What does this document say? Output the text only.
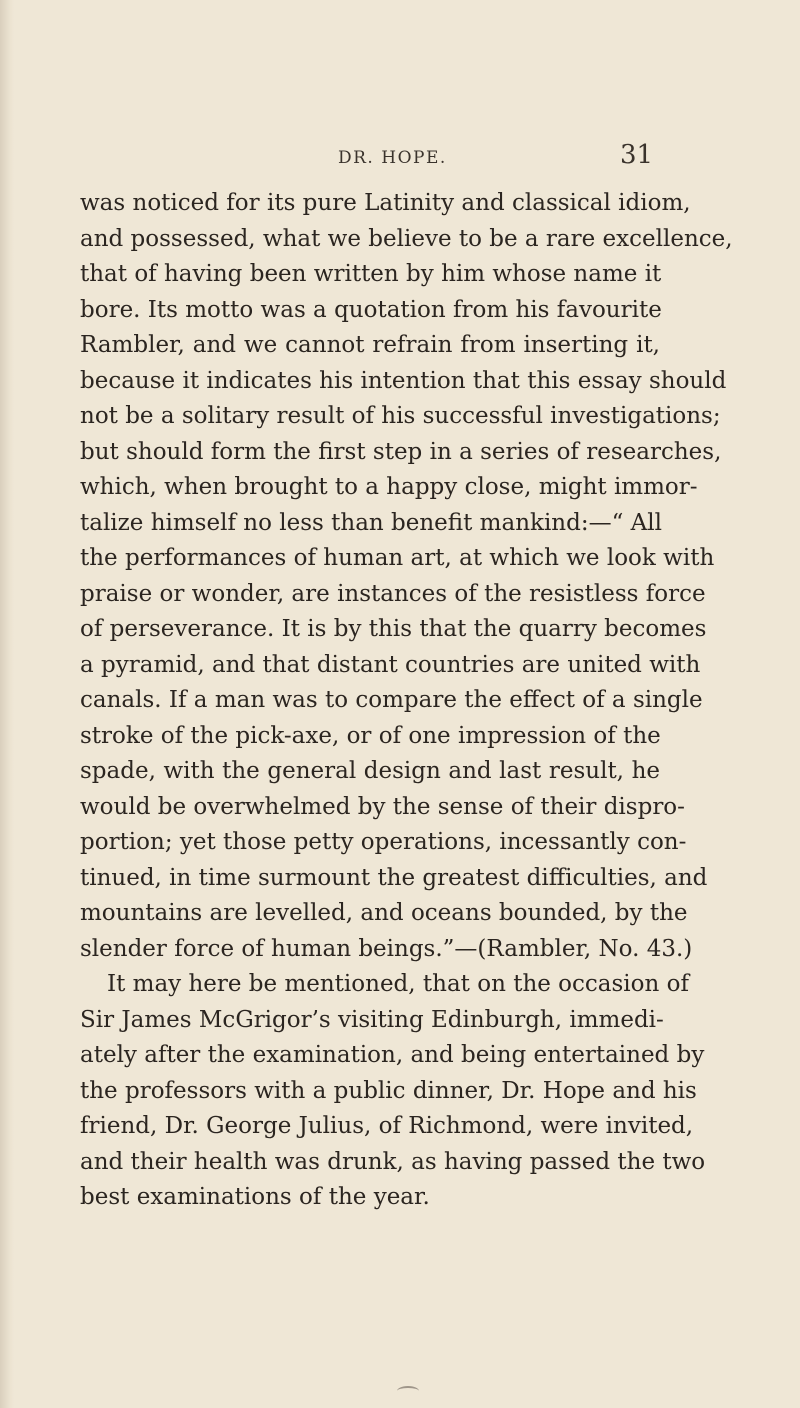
DR. HOPE.	31
was noticed for its pure Latinity and classical idiom,
and possessed, what we believe to be a rare excellence,
that of having been written by him whose name it
bore. Its motto was a quotation from his favourite
Rambler, and we cannot refrain from inserting it,
because it indicates his intention that this essay should
not be a solitary result of his successful investigations;
but should form the first step in a series of researches,
which, when brought to a happy close, might immor-
talize himself no less than benefit mankind:—“ All
the performances of human art, at which we look with
praise or wonder, are instances of the resistless force
of perseverance. It is by this that the quarry becomes
a pyramid, and that distant countries are united with
canals. If a man was to compare the effect of a single
stroke of the pick-axe, or of one impression of the
spade, with the general design and last result, he
would be overwhelmed by the sense of their dispro-
portion; yet those petty operations, incessantly con-
tinued, in time surmount the greatest difficulties, and
mountains are levelled, and oceans bounded, by the
slender force of human beings.”—(Rambler, No. 43.)
It may here be mentioned, that on the occasion of
Sir James McGrigor’s visiting Edinburgh, immedi-
ately after the examination, and being entertained by
the professors with a public dinner, Dr. Hope and his
friend, Dr. George Julius, of Richmond, were invited,
and their health was drunk, as having passed the two
best examinations of the year.
